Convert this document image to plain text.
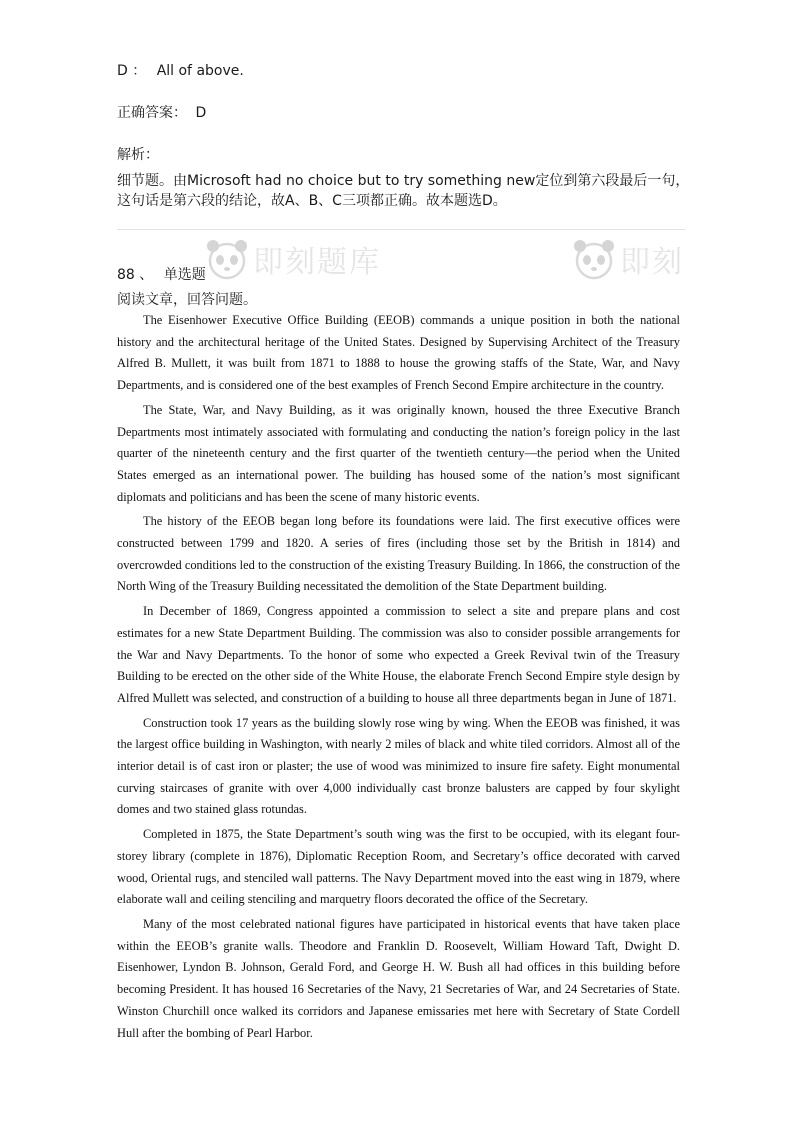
D ： All of above.
正确答案： D
解析：
细节题。由Microsoft had no choice but to try something new定位到第六段最后一句，
这句话是第六段的结论，故A、B、C三项都正确。故本题选D。
即刻题库	即刻
88 、 单选题
阅读文章，回答问题。

The Eisenhower Executive Office Building (EEOB) commands a unique position in both the national history and the architectural heritage of the United States. Designed by Supervising Architect of the Treasury Alfred B. Mullett, it was built from 1871 to 1888 to house the growing staffs of the State, War, and Navy Departments, and is considered one of the best examples of French Second Empire architecture in the country.

The State, War, and Navy Building, as it was originally known, housed the three Executive Branch Departments most intimately associated with formulating and conducting the nation’s foreign policy in the last quarter of the nineteenth century and the first quarter of the twentieth century—the period when the United States emerged as an international power. The building has housed some of the nation’s most significant diplomats and politicians and has been the scene of many historic events.

The history of the EEOB began long before its foundations were laid. The first executive offices were constructed between 1799 and 1820. A series of fires (including those set by the British in 1814) and overcrowded conditions led to the construction of the existing Treasury Building. In 1866, the construction of the North Wing of the Treasury Building necessitated the demolition of the State Department building.

In December of 1869, Congress appointed a commission to select a site and prepare plans and cost estimates for a new State Department Building. The commission was also to consider possible arrangements for the War and Navy Departments. To the honor of some who expected a Greek Revival twin of the Treasury Building to be erected on the other side of the White House, the elaborate French Second Empire style design by Alfred Mullett was selected, and construction of a building to house all three departments began in June of 1871.

Construction took 17 years as the building slowly rose wing by wing. When the EEOB was finished, it was the largest office building in Washington, with nearly 2 miles of black and white tiled corridors. Almost all of the interior detail is of cast iron or plaster; the use of wood was minimized to insure fire safety. Eight monumental curving staircases of granite with over 4,000 individually cast bronze balusters are capped by four skylight domes and two stained glass rotundas.

Completed in 1875, the State Department’s south wing was the first to be occupied, with its elegant four-storey library (complete in 1876), Diplomatic Reception Room, and Secretary’s office decorated with carved wood, Oriental rugs, and stenciled wall patterns. The Navy Department moved into the east wing in 1879, where elaborate wall and ceiling stenciling and marquetry floors decorated the office of the Secretary.

Many of the most celebrated national figures have participated in historical events that have taken place within the EEOB’s granite walls. Theodore and Franklin D. Roosevelt, William Howard Taft, Dwight D. Eisenhower, Lyndon B. Johnson, Gerald Ford, and George H. W. Bush all had offices in this building before becoming President. It has housed 16 Secretaries of the Navy, 21 Secretaries of War, and 24 Secretaries of State. Winston Churchill once walked its corridors and Japanese emissaries met here with Secretary of State Cordell Hull after the bombing of Pearl Harbor.
